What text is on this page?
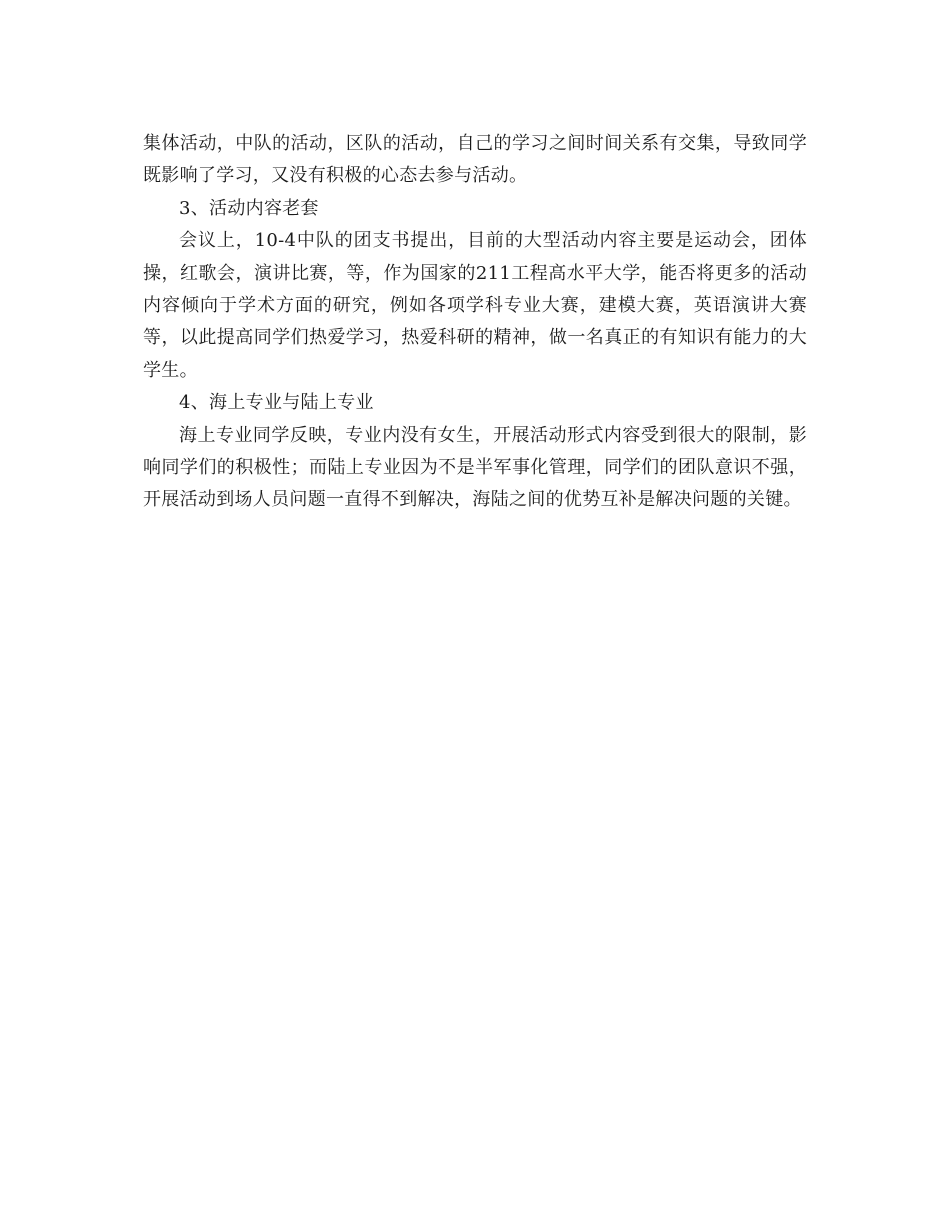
集体活动，中队的活动，区队的活动，自己的学习之间时间关系有交集，导致同学既影响了学习，又没有积极的心态去参与活动。

3、活动内容老套

会议上，10-4中队的团支书提出，目前的大型活动内容主要是运动会，团体操，红歌会，演讲比赛，等，作为国家的211工程高水平大学，能否将更多的活动内容倾向于学术方面的研究，例如各项学科专业大赛，建模大赛，英语演讲大赛等，以此提高同学们热爱学习，热爱科研的精神，做一名真正的有知识有能力的大学生。

4、海上专业与陆上专业

海上专业同学反映，专业内没有女生，开展活动形式内容受到很大的限制，影响同学们的积极性；而陆上专业因为不是半军事化管理，同学们的团队意识不强，开展活动到场人员问题一直得不到解决，海陆之间的优势互补是解决问题的关键。
